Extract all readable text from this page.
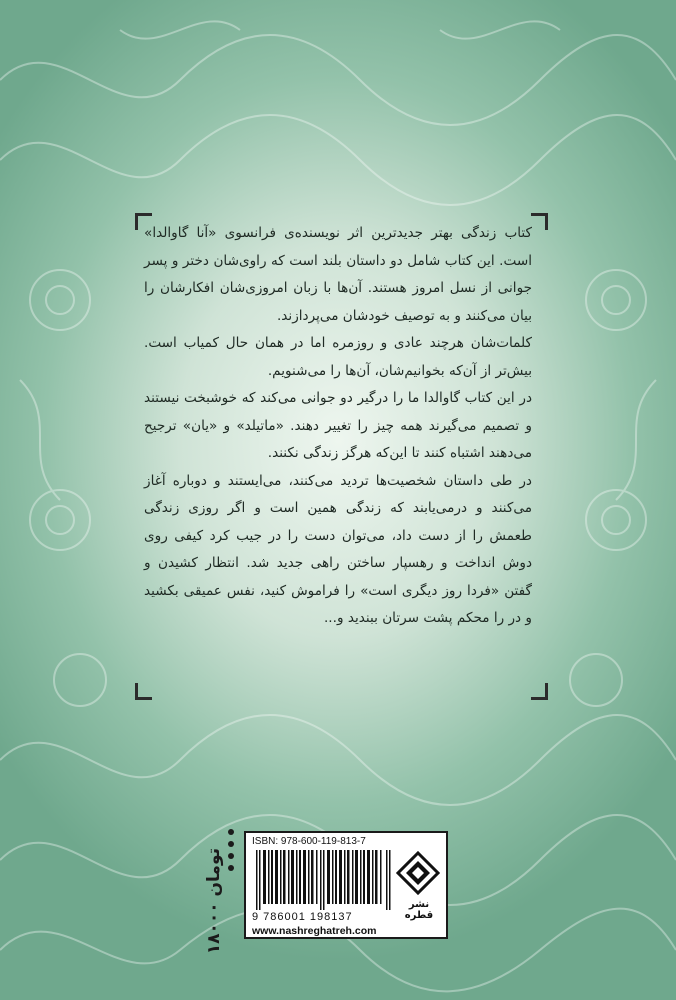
کتاب زندگی بهتر جدیدترین اثر نویسنده‌ی فرانسوی «آنا گاوالدا» است. این کتاب شامل دو داستان بلند است که راوی‌شان دختر و پسر جوانی از نسل امروز هستند. آن‌ها با زبان امروزی‌شان افکارشان را بیان می‌کنند و به توصیف خودشان می‌پردازند.

کلمات‌شان هرچند عادی و روزمره اما در همان حال کمیاب است. بیش‌تر از آن‌که بخوانیم‌شان، آن‌ها را می‌شنویم.

در این کتاب گاوالدا ما را درگیر دو جوانی می‌کند که خوشبخت نیستند و تصمیم می‌گیرند همه چیز را تغییر دهند. «ماتیلد» و «یان» ترجیح می‌دهند اشتباه کنند تا این‌که هرگز زندگی نکنند.

در طی داستان شخصیت‌ها تردید می‌کنند، می‌ایستند و دوباره آغاز می‌کنند و درمی‌یابند که زندگی همین است و اگر روزی زندگی طعمش را از دست داد، می‌توان دست را در جیب کرد کیفی روی دوش انداخت و رهسپار ساختن راهی جدید شد. انتظار کشیدن و گفتن «فردا روز دیگری است» را فراموش کنید، نفس عمیقی بکشید و در را محکم پشت سرتان ببندید و...

۱۸۰۰۰ تومان
ISBN: 978-600-119-813-7
9 786001 198137
www.nashreghatreh.com
نشر قطره
